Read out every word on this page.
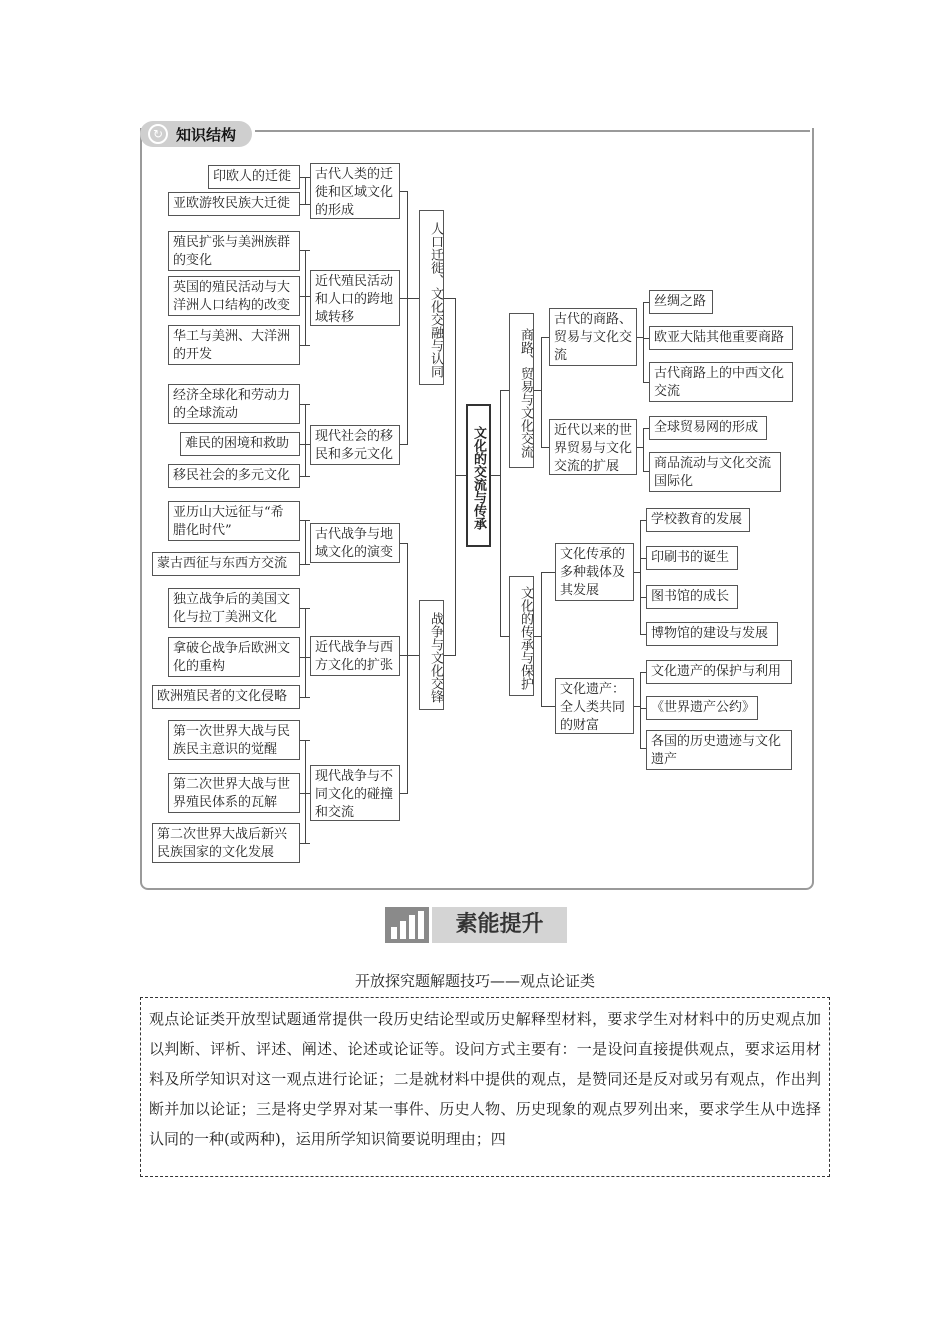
↻ 知识结构
印欧人的迁徙
亚欧游牧民族大迁徙
殖民扩张与美洲族群的变化
英国的殖民活动与大洋洲人口结构的改变
华工与美洲、大洋洲的开发
经济全球化和劳动力的全球流动
难民的困境和救助
移民社会的多元文化
亚历山大远征与“希腊化时代”
蒙古西征与东西方交流
独立战争后的美国文化与拉丁美洲文化
拿破仑战争后欧洲文化的重构
欧洲殖民者的文化侵略
第一次世界大战与民族民主意识的觉醒
第二次世界大战与世界殖民体系的瓦解
第二次世界大战后新兴民族国家的文化发展
古代人类的迁徙和区域文化的形成
近代殖民活动和人口的跨地域转移
现代社会的移民和多元文化
古代战争与地域文化的演变
近代战争与西方文化的扩张
现代战争与不同文化的碰撞和交流
人口迁徙、文化交融与认同
战争与文化交锋
文化的交流与传承
商路、贸易与文化交流
文化的传承与保护
古代的商路、贸易与文化交流
近代以来的世界贸易与文化交流的扩展
文化传承的多种载体及其发展
文化遗产：全人类共同的财富
丝绸之路
欧亚大陆其他重要商路
古代商路上的中西文化交流
全球贸易网的形成
商品流动与文化交流国际化
学校教育的发展
印刷书的诞生
图书馆的成长
博物馆的建设与发展
文化遗产的保护与利用
《世界遗产公约》
各国的历史遗迹与文化遗产
素能提升
开放探究题解题技巧——观点论证类
观点论证类开放型试题通常提供一段历史结论型或历史解释型材料，要求学生对材料中的历史观点加以判断、评析、评述、阐述、论述或论证等。设问方式主要有：一是设问直接提供观点，要求运用材料及所学知识对这一观点进行论证；二是就材料中提供的观点，是赞同还是反对或另有观点，作出判断并加以论证；三是将史学界对某一事件、历史人物、历史现象的观点罗列出来，要求学生从中选择认同的一种(或两种)，运用所学知识简要说明理由；四
